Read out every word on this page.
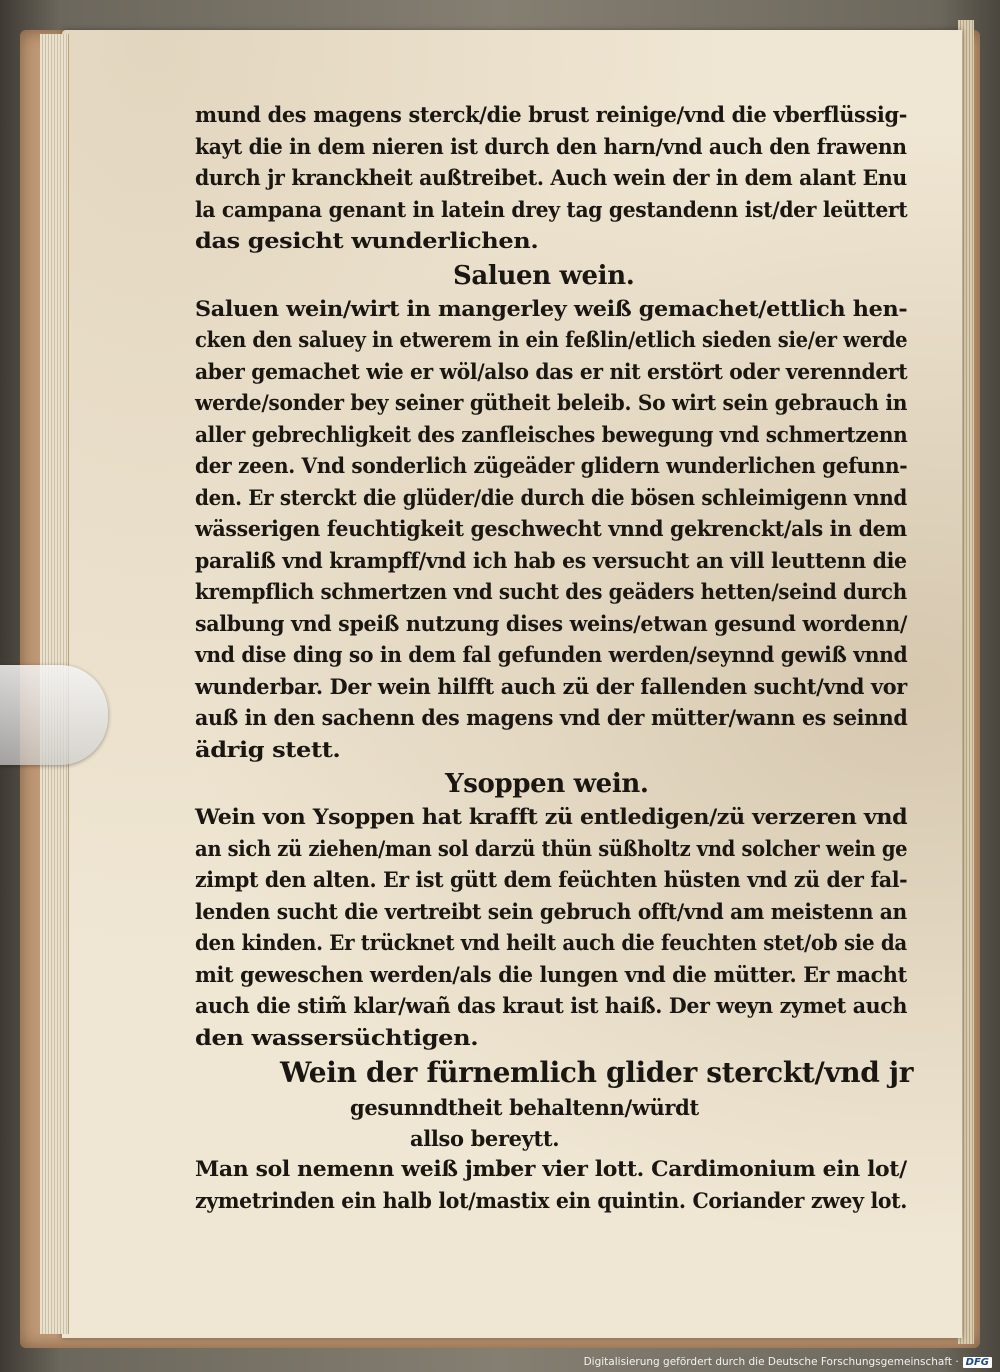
mund des magens sterck/die brust reinige/vnd die vberflüssig-
kayt die in dem nieren ist durch den harn/vnd auch den frawenn
durch jr kranckheit außtreibet. Auch wein der in dem alant Enu
la campana genant in latein drey tag gestandenn ist/der leüttert
das gesicht wunderlichen.
Saluen wein.
Saluen wein/wirt in mangerley weiß gemachet/ettlich hen-
cken den saluey in etwerem in ein feßlin/etlich sieden sie/er werde
aber gemachet wie er wöl/also das er nit erstört oder verenndert
werde/sonder bey seiner gütheit beleib. So wirt sein gebrauch in
aller gebrechligkeit des zanfleisches bewegung vnd schmertzenn
der zeen. Vnd sonderlich zügeäder glidern wunderlichen gefunn-
den. Er sterckt die glüder/die durch die bösen schleimigenn vnnd
wässerigen feuchtigkeit geschwecht vnnd gekrenckt/als in dem
paraliß vnd krampff/vnd ich hab es versucht an vill leuttenn die
krempflich schmertzen vnd sucht des geäders hetten/seind durch
salbung vnd speiß nutzung dises weins/etwan gesund wordenn/
vnd dise ding so in dem fal gefunden werden/seynnd gewiß vnnd
wunderbar. Der wein hilfft auch zü der fallenden sucht/vnd vor
auß in den sachenn des magens vnd der mütter/wann es seinnd
ädrig stett.
Ysoppen wein.
Wein von Ysoppen hat krafft zü entledigen/zü verzeren vnd
an sich zü ziehen/man sol darzü thün süßholtz vnd solcher wein ge
zimpt den alten. Er ist gütt dem feüchten hüsten vnd zü der fal-
lenden sucht die vertreibt sein gebruch offt/vnd am meistenn an
den kinden. Er trücknet vnd heilt auch die feuchten stet/ob sie da
mit geweschen werden/als die lungen vnd die mütter. Er macht
auch die stim̃ klar/wañ das kraut ist haiß. Der weyn zymet auch
den wassersüchtigen.
Wein der fürnemlich glider sterckt/vnd jr
gesunndtheit behaltenn/würdt
allso bereytt.
Man sol nemenn weiß jmber vier lott. Cardimonium ein lot/
zymetrinden ein halb lot/mastix ein quintin. Coriander zwey lot.
Digitalisierung gefördert durch die Deutsche Forschungsgemeinschaft · DFG
